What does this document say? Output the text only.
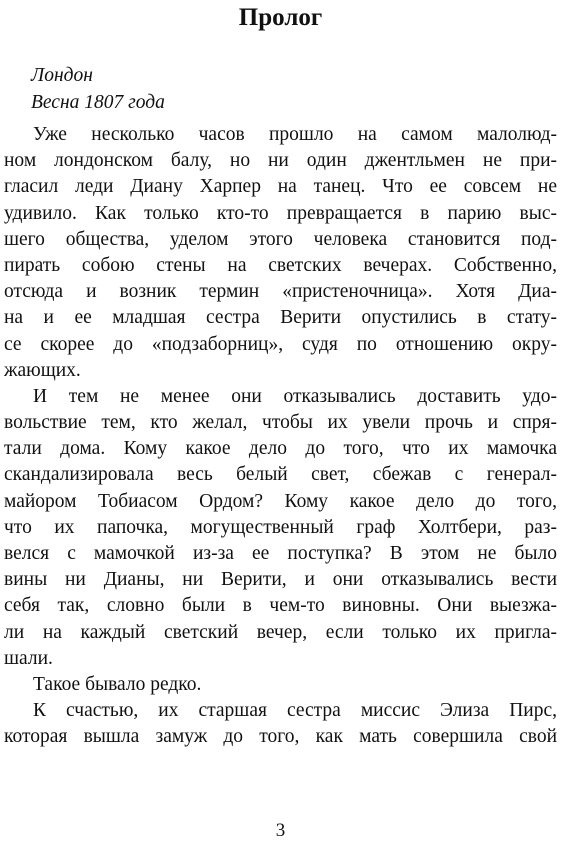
Пролог
Лондон
Весна 1807 года
Уже несколько часов прошло на самом малолюд-
ном лондонском балу, но ни один джентльмен не при-
гласил леди Диану Харпер на танец. Что ее совсем не
удивило. Как только кто-то превращается в парию выс-
шего общества, уделом этого человека становится под-
пирать собою стены на светских вечерах. Собственно,
отсюда и возник термин «пристеночница». Хотя Диа-
на и ее младшая сестра Верити опустились в стату-
се скорее до «подзаборниц», судя по отношению окру-
жающих.
И тем не менее они отказывались доставить удо-
вольствие тем, кто желал, чтобы их увели прочь и спря-
тали дома. Кому какое дело до того, что их мамочка
скандализировала весь белый свет, сбежав с генерал-
майором Тобиасом Ордом? Кому какое дело до того,
что их папочка, могущественный граф Холтбери, раз-
велся с мамочкой из-за ее поступка? В этом не было
вины ни Дианы, ни Верити, и они отказывались вести
себя так, словно были в чем-то виновны. Они выезжа-
ли на каждый светский вечер, если только их пригла-
шали.
Такое бывало редко.
К счастью, их старшая сестра миссис Элиза Пирс,
которая вышла замуж до того, как мать совершила свой
3
